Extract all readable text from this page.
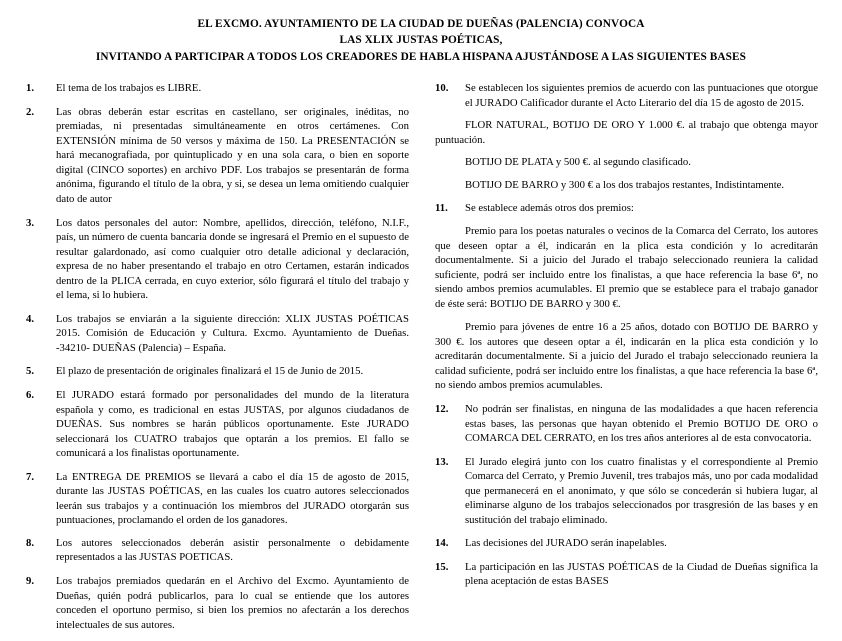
EL EXCMO. AYUNTAMIENTO DE LA CIUDAD DE DUEÑAS (PALENCIA) CONVOCA
LAS XLIX JUSTAS POÉTICAS,
INVITANDO A PARTICIPAR A TODOS LOS CREADORES DE HABLA HISPANA AJUSTÁNDOSE A LAS SIGUIENTES BASES
1.	El tema de los trabajos es LIBRE.
2.	Las obras deberán estar escritas en castellano, ser originales, inéditas, no premiadas, ni presentadas simultáneamente en otros certámenes. Con EXTENSIÓN mínima de 50 versos y máxima de 150. La PRESENTACIÓN se hará mecanografiada, por quintuplicado y en una sola cara, o bien en soporte digital (CINCO soportes) en archivo PDF. Los trabajos se presentarán de forma anónima, figurando el título de la obra, y si, se desea un lema omitiendo cualquier dato de autor
3.	Los datos personales del autor: Nombre, apellidos, dirección, teléfono, N.I.F., país, un número de cuenta bancaria donde se ingresará el Premio en el supuesto de resultar galardonado, así como cualquier otro detalle adicional y declaración, expresa de no haber presentando el trabajo en otro Certamen, estarán indicados dentro de la PLICA cerrada, en cuyo exterior, sólo figurará el título del trabajo y el lema, si lo hubiera.
4.	Los trabajos se enviarán a la siguiente dirección: XLIX JUSTAS POÉTICAS 2015. Comisión de Educación y Cultura. Excmo. Ayuntamiento de Dueñas. -34210- DUEÑAS (Palencia) – España.
5.	El plazo de presentación de originales finalizará el 15 de Junio de 2015.
6.	El JURADO estará formado por personalidades del mundo de la literatura española y como, es tradicional en estas JUSTAS, por algunos ciudadanos de DUEÑAS. Sus nombres se harán públicos oportunamente. Este JURADO seleccionará los CUATRO trabajos que optarán a los premios. El fallo se comunicará a los finalistas oportunamente.
7.	La ENTREGA DE PREMIOS se llevará a cabo el día 15 de agosto de 2015, durante las JUSTAS POÉTICAS, en las cuales los cuatro autores seleccionados leerán sus trabajos y a continuación los miembros del JURADO otorgarán sus puntuaciones, proclamando el orden de los ganadores.
8.	Los autores seleccionados deberán asistir personalmente o debidamente representados a las JUSTAS POETICAS.
9.	Los trabajos premiados quedarán en el Archivo del Excmo. Ayuntamiento de Dueñas, quién podrá publicarlos, para lo cual se entiende que los autores conceden el oportuno permiso, si bien los premios no afectarán a los derechos intelectuales de sus autores.
10.	Se establecen los siguientes premios de acuerdo con las puntuaciones que otorgue el JURADO Calificador durante el Acto Literario del día 15 de agosto de 2015.
FLOR NATURAL, BOTIJO DE ORO Y 1.000 €. al trabajo que obtenga mayor puntuación.
BOTIJO DE PLATA y 500 €. al segundo clasificado.
BOTIJO DE BARRO y 300 € a los dos trabajos restantes, Indistintamente.
11.	Se establece además otros dos premios:
Premio para los poetas naturales o vecinos de la Comarca del Cerrato, los autores que deseen optar a él, indicarán en la plica esta condición y lo acreditarán documentalmente. Si a juicio del Jurado el trabajo seleccionado reuniera la calidad suficiente, podrá ser incluido entre los finalistas, a que hace referencia la base 6ª, no siendo ambos premios acumulables. El premio que se establece para el trabajo ganador de éste será: BOTIJO DE BARRO y 300 €.
Premio para jóvenes de entre 16 a 25 años, dotado con BOTIJO DE BARRO y 300 €. los autores que deseen optar a él, indicarán en la plica esta condición y lo acreditarán documentalmente. Si a juicio del Jurado el trabajo seleccionado reuniera la calidad suficiente, podrá ser incluido entre los finalistas, a que hace referencia la base 6ª, no siendo ambos premios acumulables.
12.	No podrán ser finalistas, en ninguna de las modalidades a que hacen referencia estas bases, las personas que hayan obtenido el Premio BOTIJO DE ORO o COMARCA DEL CERRATO, en los tres años anteriores al de esta convocatoria.
13.	El Jurado elegirá junto con los cuatro finalistas y el correspondiente al Premio Comarca del Cerrato, y Premio Juvenil, tres trabajos más, uno por cada modalidad que permanecerá en el anonimato, y que sólo se concederán si hubiera lugar, al eliminarse alguno de los trabajos seleccionados por trasgresión de las bases y en sustitución del trabajo eliminado.
14.	Las decisiones del JURADO serán inapelables.
15.	La participación en las JUSTAS POÉTICAS de la Ciudad de Dueñas significa la plena aceptación de estas BASES
